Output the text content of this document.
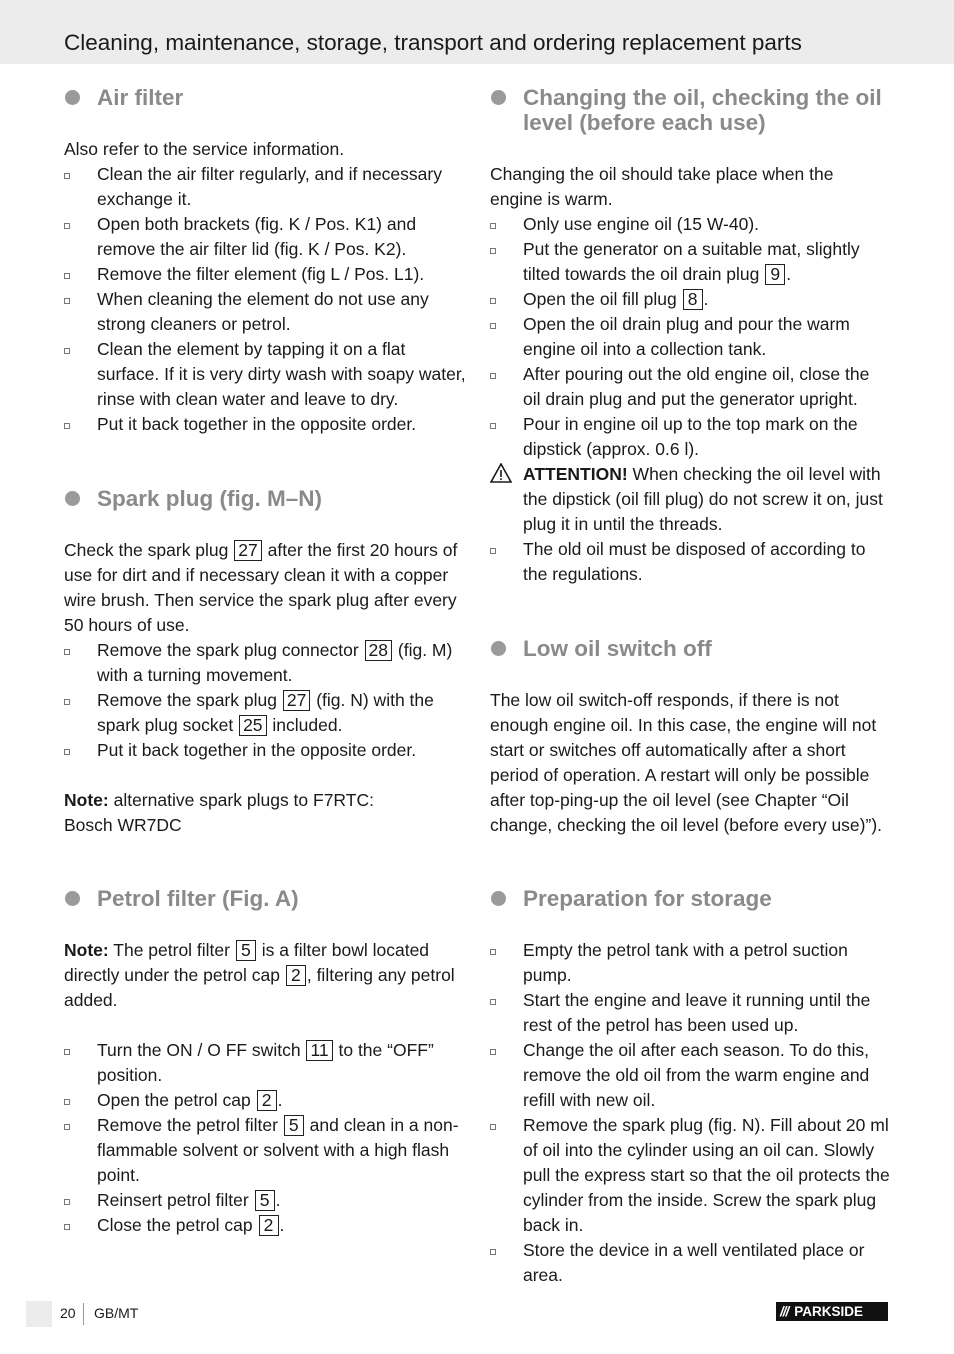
Cleaning, maintenance, storage, transport and ordering replacement parts
Air filter

Also refer to the service information.

Clean the air filter regularly, and if necessary exchange it.
Open both brackets (fig. K / Pos. K1) and remove the air filter lid (fig. K / Pos. K2).
Remove the filter element (fig L / Pos. L1).
When cleaning the element do not use any strong cleaners or petrol.
Clean the element by tapping it on a flat surface. If it is very dirty wash with soapy water, rinse with clean water and leave to dry.
Put it back together in the opposite order.
Spark plug (fig. M–N)

Check the spark plug 27 after the first 20 hours of use for dirt and if necessary clean it with a copper wire brush. Then service the spark plug after every 50 hours of use.

Remove the spark plug connector 28 (fig. M) with a turning movement.
Remove the spark plug 27 (fig. N) with the spark plug socket 25 included.
Put it back together in the opposite order.

Note: alternative spark plugs to F7RTC:
Bosch WR7DC

Petrol filter (Fig. A)

Note: The petrol filter 5 is a filter bowl located directly under the petrol cap 2 , filtering any petrol added.

Turn the ON / O FF switch 11 to the “OFF” position.
Open the petrol cap 2 .
Remove the petrol filter 5 and clean in a non-flammable solvent or solvent with a high flash point.
Reinsert petrol filter 5 .
Close the petrol cap 2 .
Changing the oil, checking the oil level (before each use)

Changing the oil should take place when the engine is warm.

Only use engine oil (15 W-40).
Put the generator on a suitable mat, slightly tilted towards the oil drain plug 9 .
Open the oil fill plug 8 .
Open the oil drain plug and pour the warm engine oil into a collection tank.
After pouring out the old engine oil, close the oil drain plug and put the generator upright.
Pour in engine oil up to the top mark on the dipstick (approx. 0.6 l).
ATTENTION! When checking the oil level with the dipstick (oil fill plug) do not screw it on, just plug it in until the threads.
The old oil must be disposed of according to the regulations.
Low oil switch off

The low oil switch-off responds, if there is not enough engine oil. In this case, the engine will not start or switches off automatically after a short period of operation. A restart will only be possible after top-ping-up the oil level (see Chapter “Oil change, checking the oil level (before every use)”).

Preparation for storage
Empty the petrol tank with a petrol suction pump.
Start the engine and leave it running until the rest of the petrol has been used up.
Change the oil after each season. To do this, remove the old oil from the warm engine and refill with new oil.
Remove the spark plug (fig. N). Fill about 20 ml of oil into the cylinder using an oil can. Slowly pull the express start so that the oil protects the cylinder from the inside. Screw the spark plug back in.
Store the device in a well ventilated place or area.
20 GB/MT	/// PARKSIDE
